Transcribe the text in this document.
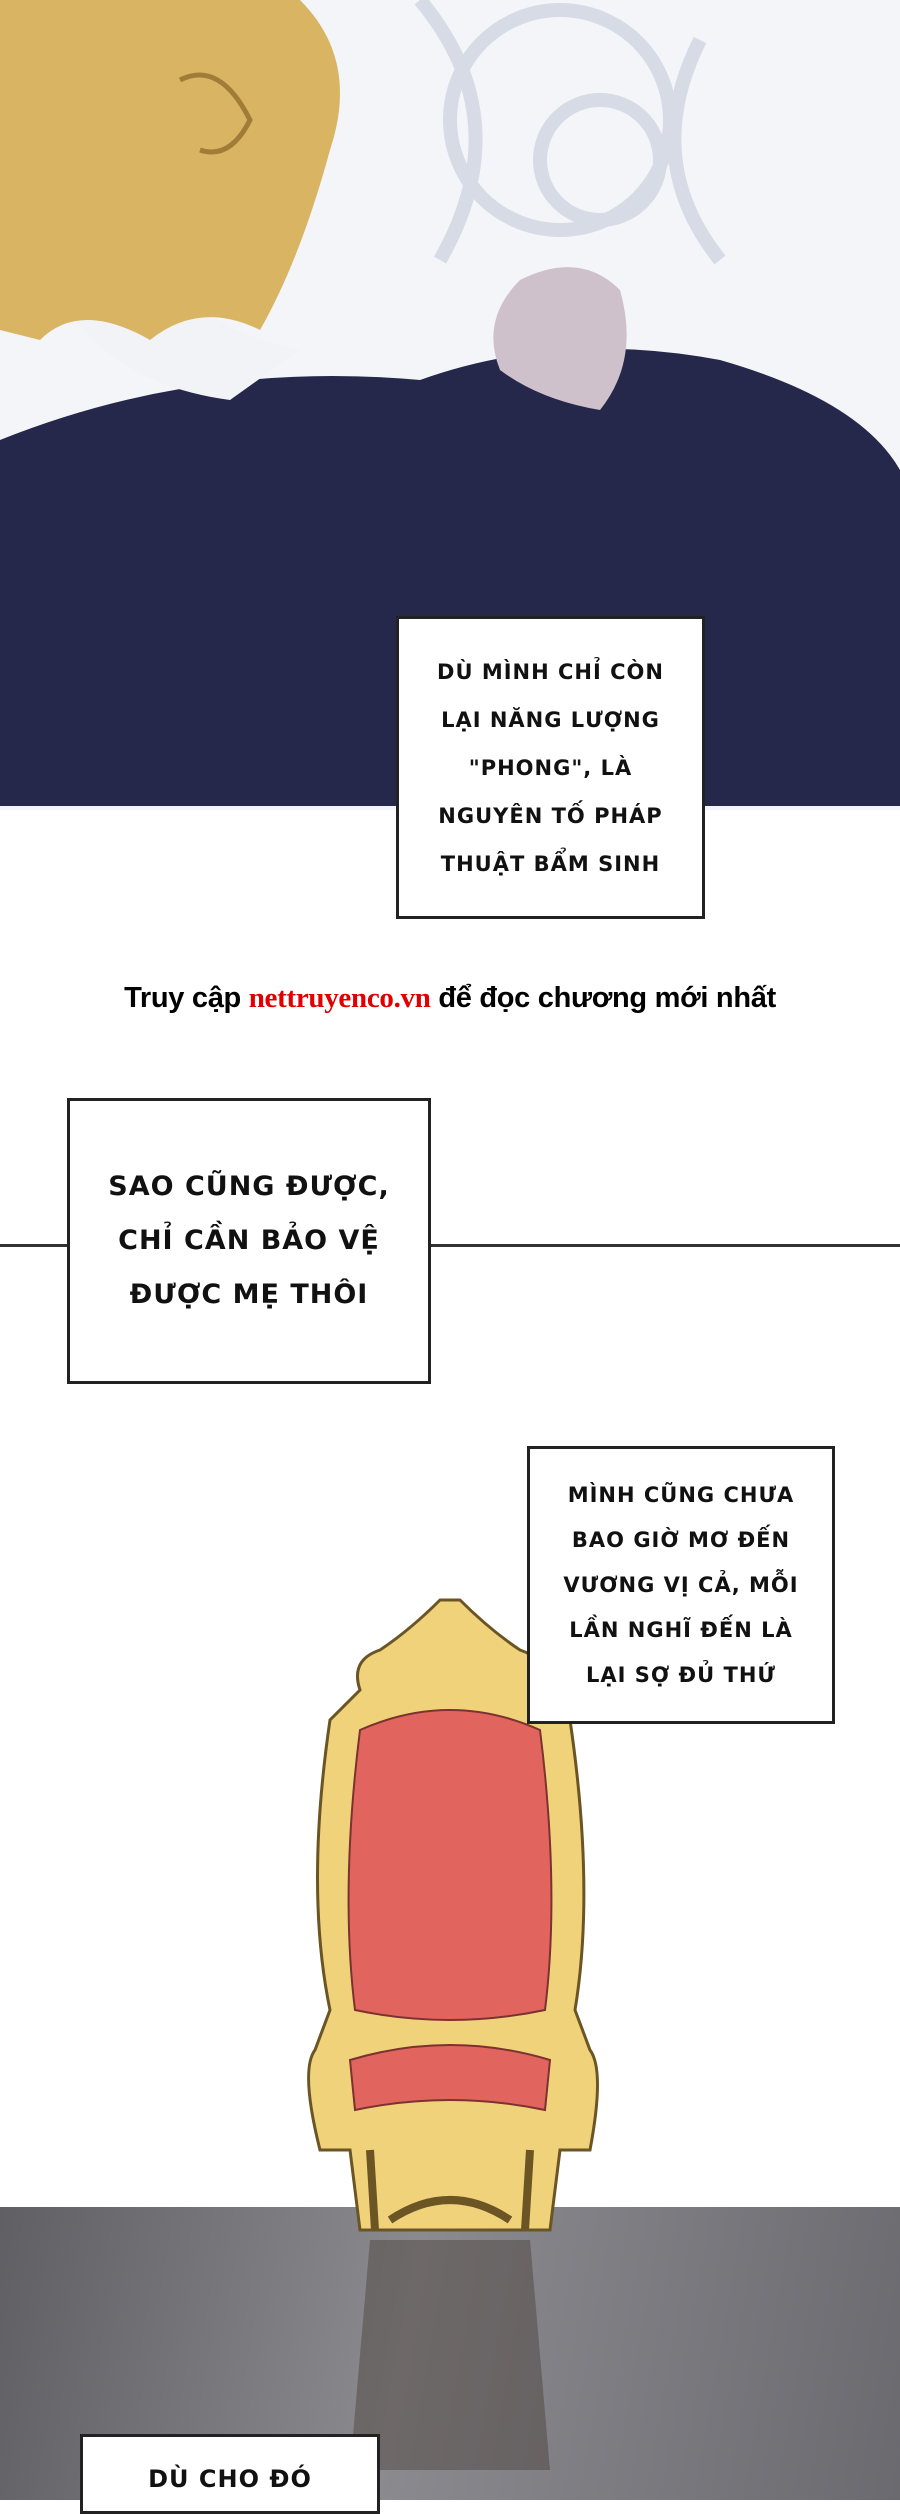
DÙ MÌNH CHỈ CÒN
LẠI NĂNG LƯỢNG
"PHONG", LÀ
NGUYÊN TỐ PHÁP
THUẬT BẨM SINH
Truy cập nettruyenco.vn để đọc chương mới nhất
SAO CŨNG ĐƯỢC,
CHỈ CẦN BẢO VỆ
ĐƯỢC MẸ THÔI
MÌNH CŨNG CHƯA
BAO GIỜ MƠ ĐẾN
VƯƠNG VỊ CẢ, MỖI
LẦN NGHĨ ĐẾN LÀ
LẠI SỢ ĐỦ THỨ
DÙ CHO ĐÓ
